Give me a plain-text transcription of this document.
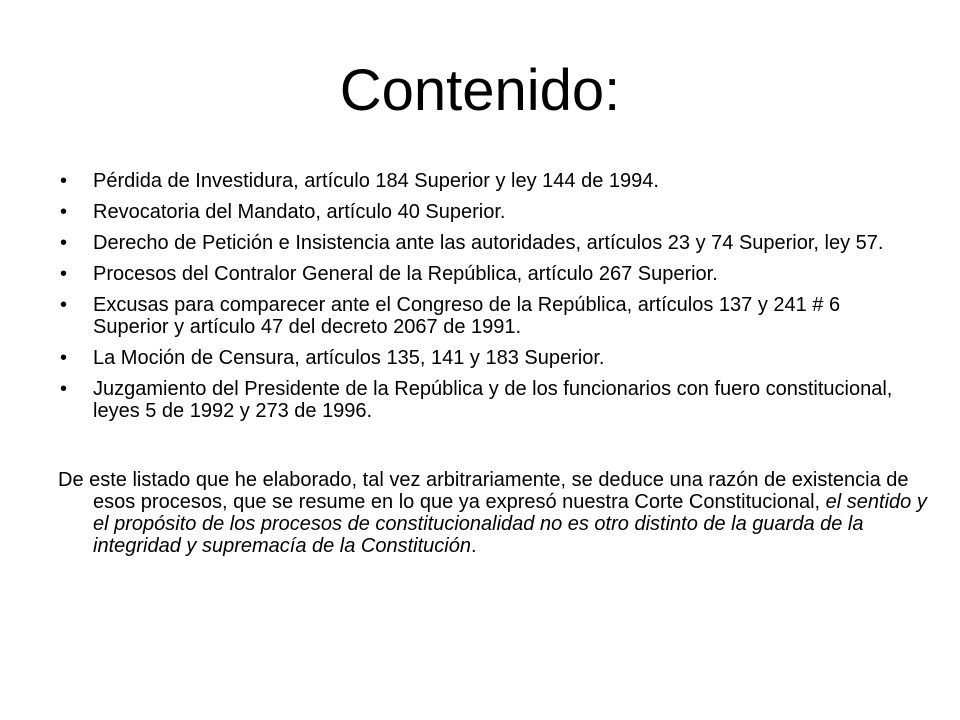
Contenido:
• Pérdida de Investidura, artículo 184 Superior y ley 144 de 1994.
• Revocatoria del Mandato, artículo 40 Superior.
• Derecho de Petición e Insistencia ante las autoridades, artículos 23 y 74 Superior, ley 57.
• Procesos del Contralor General de la República, artículo 267 Superior.
• Excusas para comparecer ante el Congreso de la República, artículos 137 y 241 # 6 Superior y artículo 47 del decreto 2067 de 1991.
• La Moción de Censura, artículos 135, 141 y 183 Superior.
• Juzgamiento del Presidente de la República y de los funcionarios con fuero constitucional, leyes 5 de 1992 y 273 de 1996.

De este listado que he elaborado, tal vez arbitrariamente, se deduce una razón de existencia de esos procesos, que se resume en lo que ya expresó nuestra Corte Constitucional, el sentido y el propósito de los procesos de constitucionalidad no es otro distinto de la guarda de la integridad y supremacía de la Constitución.
